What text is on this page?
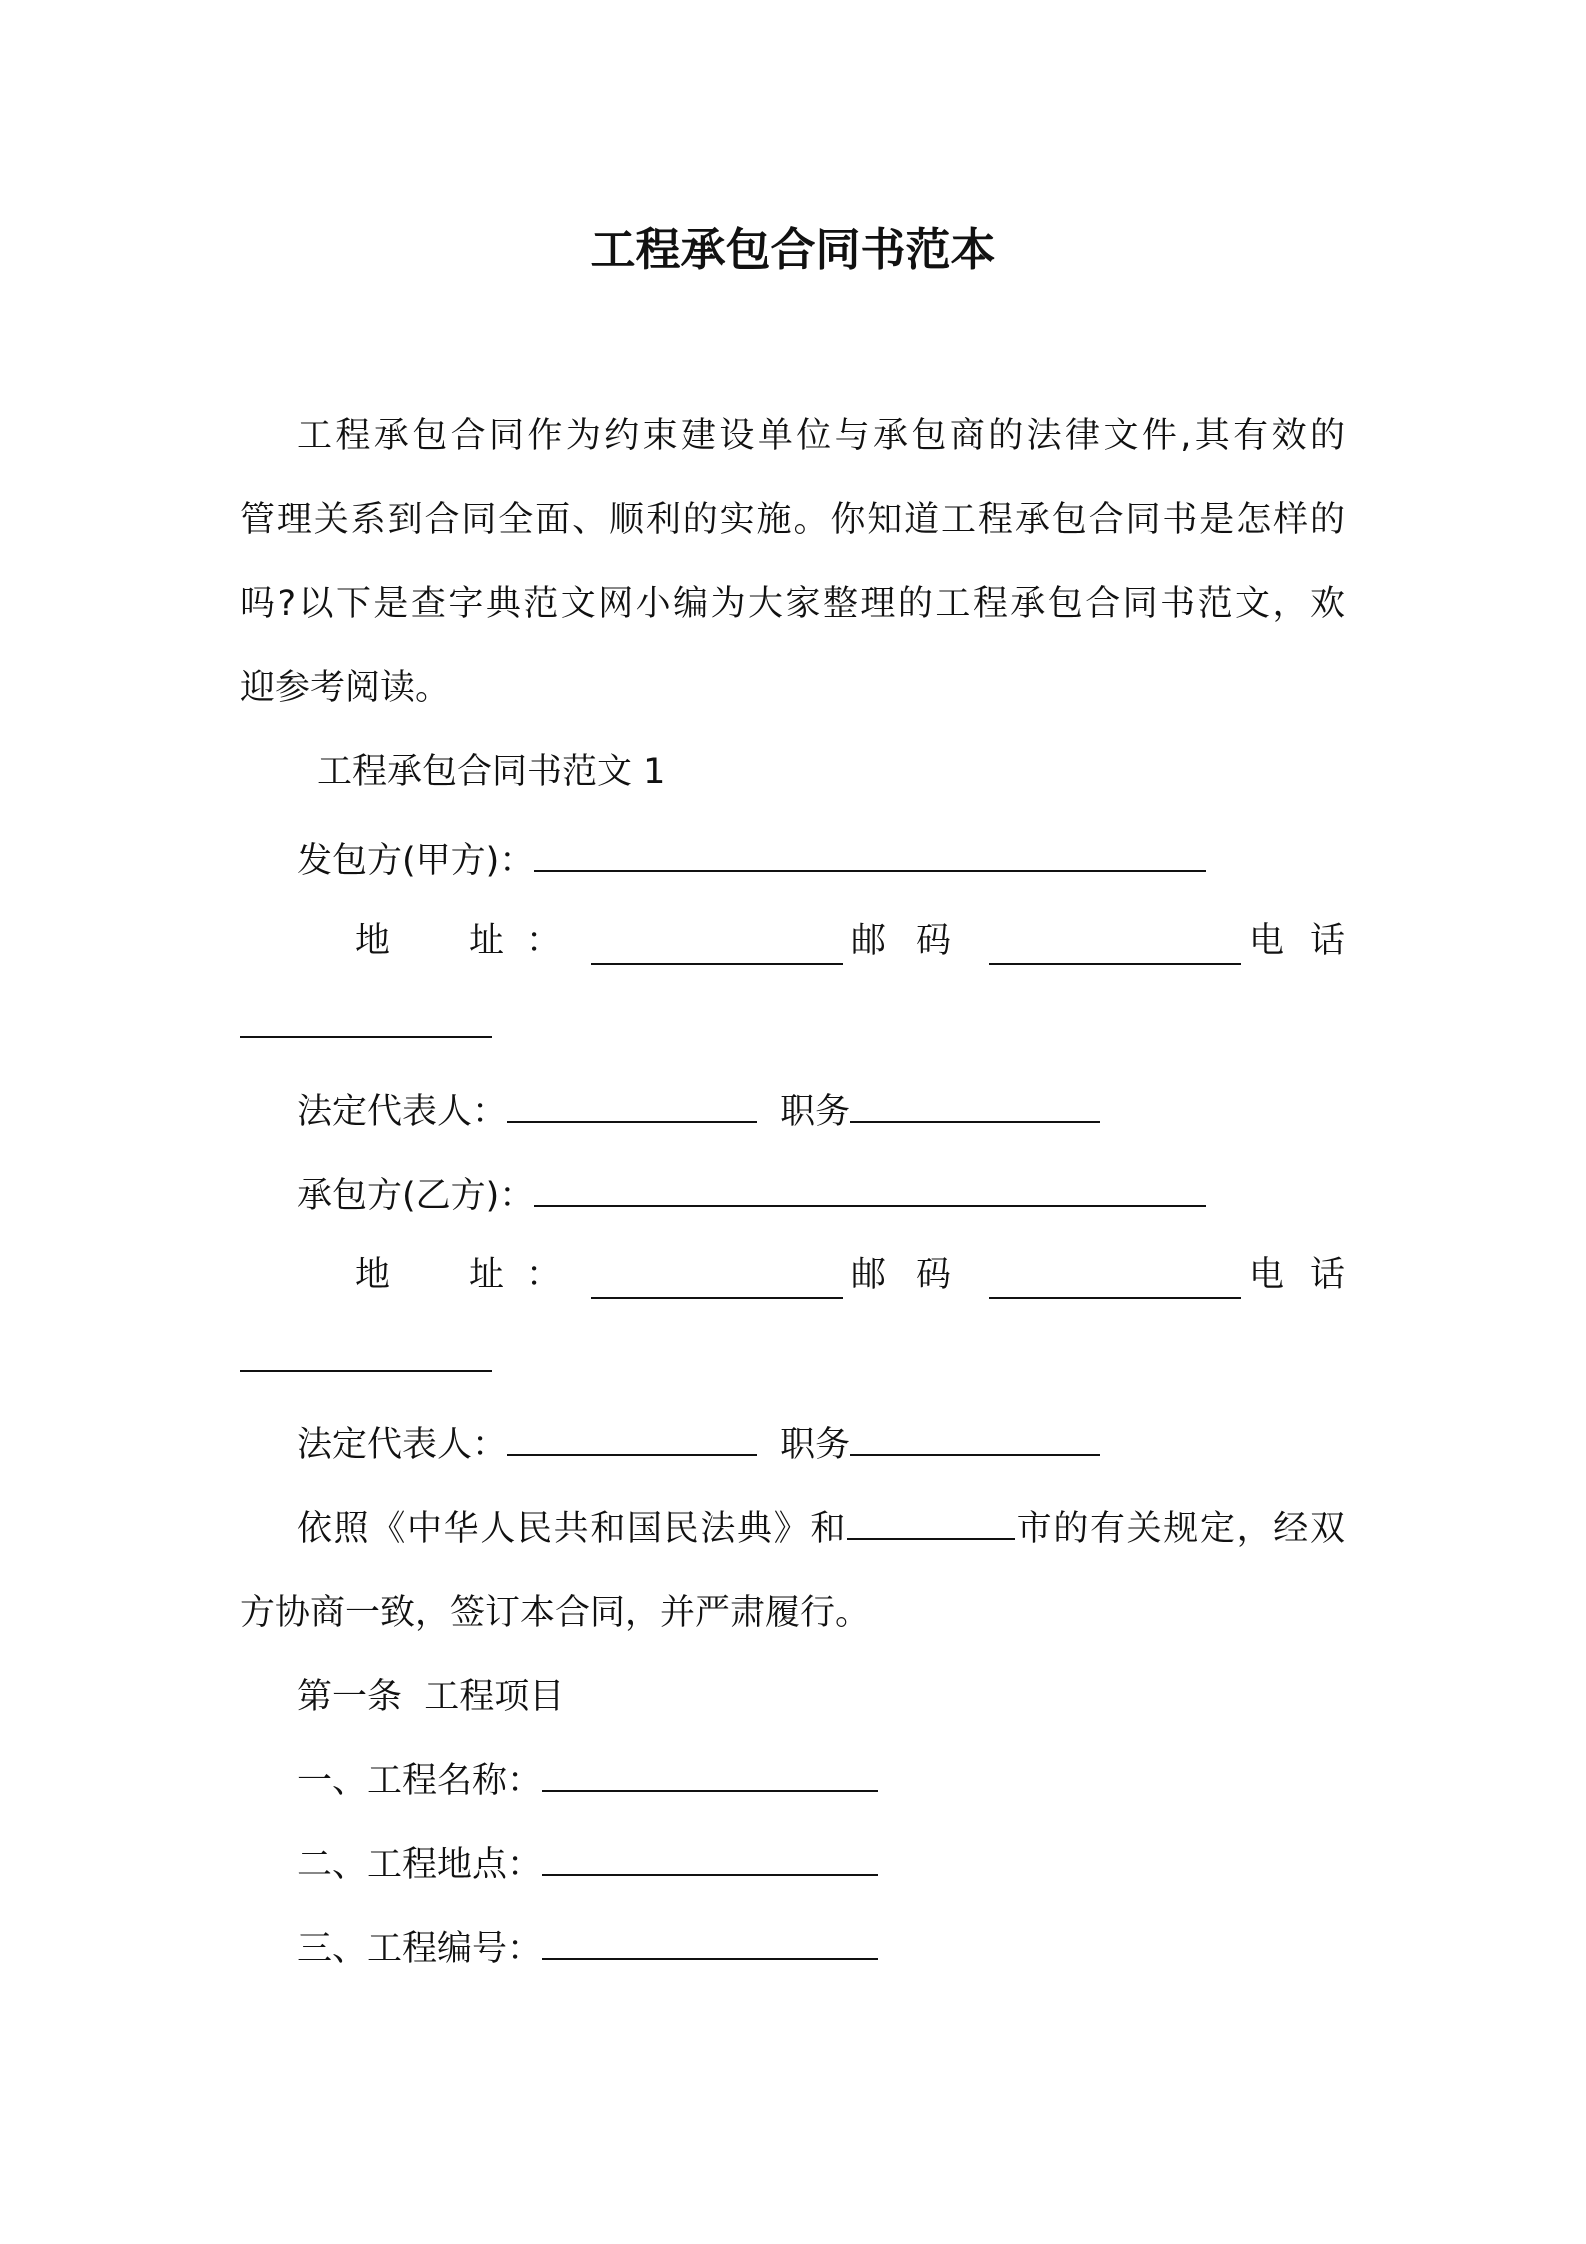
工程承包合同书范本
工程承包合同作为约束建设单位与承包商的法律文件,其有效的
管理关系到合同全面、顺利的实施。你知道工程承包合同书是怎样的
吗?以下是查字典范文网小编为大家整理的工程承包合同书范文，欢
迎参考阅读。
工程承包合同书范文 1
发包方(甲方)：
地　址：	邮码	电话
法定代表人：	职务
承包方(乙方)：
地　址：	邮码	电话
法定代表人：	职务
依照《中华人民共和国民法典》和	市的有关规定，经双
方协商一致，签订本合同，并严肃履行。
第一条  工程项目
一、工程名称：
二、工程地点：
三、工程编号：
